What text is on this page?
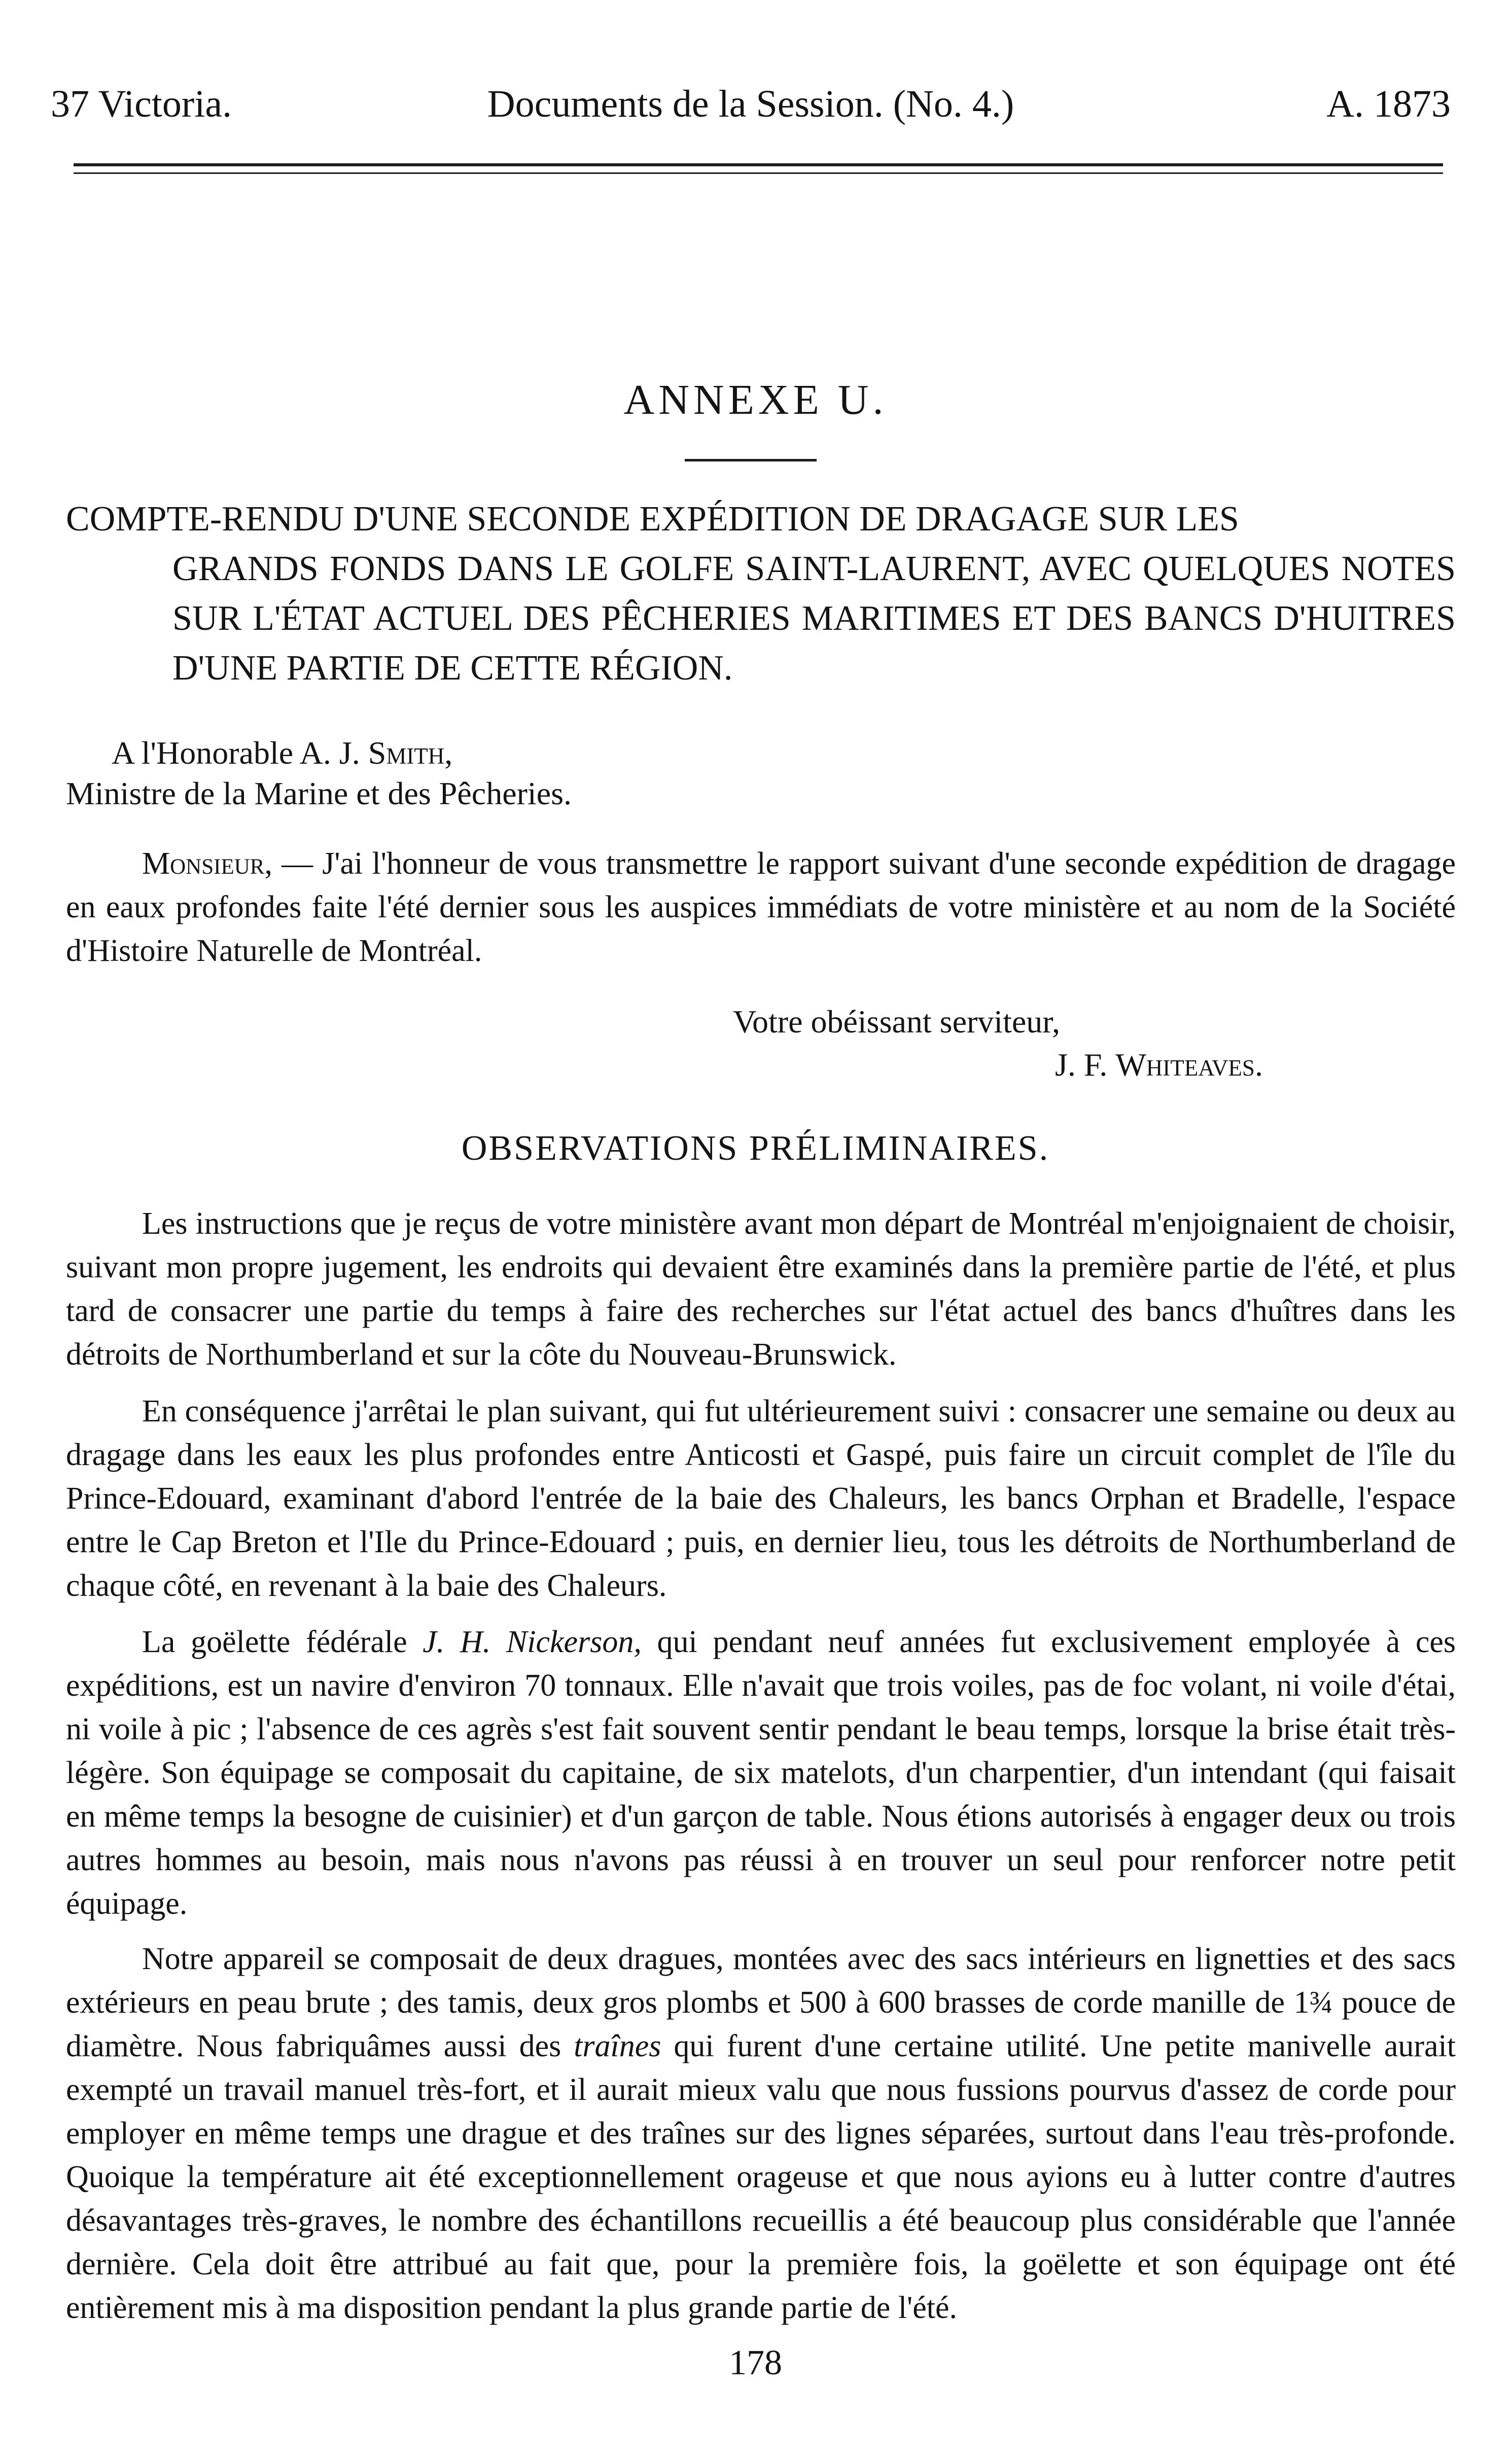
37 Victoria.	Documents de la Session. (No. 4.)	A. 1873
ANNEXE U.
COMPTE-RENDU D'UNE SECONDE EXPÉDITION DE DRAGAGE SUR LES
GRANDS FONDS DANS LE GOLFE SAINT-LAURENT, AVEC QUELQUES NOTES SUR L'ÉTAT ACTUEL DES PÊCHERIES MARITIMES ET DES BANCS D'HUITRES D'UNE PARTIE DE CETTE RÉGION.
A l'Honorable A. J. Smith,
Ministre de la Marine et des Pêcheries.
Monsieur, — J'ai l'honneur de vous transmettre le rapport suivant d'une seconde expédition de dragage en eaux profondes faite l'été dernier sous les auspices immédiats de votre ministère et au nom de la Société d'Histoire Naturelle de Montréal.
Votre obéissant serviteur,
J. F. Whiteaves.
OBSERVATIONS PRÉLIMINAIRES.
Les instructions que je reçus de votre ministère avant mon départ de Montréal m'enjoignaient de choisir, suivant mon propre jugement, les endroits qui devaient être examinés dans la première partie de l'été, et plus tard de consacrer une partie du temps à faire des recherches sur l'état actuel des bancs d'huîtres dans les détroits de Northumberland et sur la côte du Nouveau-Brunswick.
En conséquence j'arrêtai le plan suivant, qui fut ultérieurement suivi : consacrer une semaine ou deux au dragage dans les eaux les plus profondes entre Anticosti et Gaspé, puis faire un circuit complet de l'île du Prince-Edouard, examinant d'abord l'entrée de la baie des Chaleurs, les bancs Orphan et Bradelle, l'espace entre le Cap Breton et l'Ile du Prince-Edouard ; puis, en dernier lieu, tous les détroits de Northumberland de chaque côté, en revenant à la baie des Chaleurs.
La goëlette fédérale J. H. Nickerson, qui pendant neuf années fut exclusivement employée à ces expéditions, est un navire d'environ 70 tonnaux. Elle n'avait que trois voiles, pas de foc volant, ni voile d'étai, ni voile à pic ; l'absence de ces agrès s'est fait souvent sentir pendant le beau temps, lorsque la brise était très-légère. Son équipage se composait du capitaine, de six matelots, d'un charpentier, d'un intendant (qui faisait en même temps la besogne de cuisinier) et d'un garçon de table. Nous étions autorisés à engager deux ou trois autres hommes au besoin, mais nous n'avons pas réussi à en trouver un seul pour renforcer notre petit équipage.
Notre appareil se composait de deux dragues, montées avec des sacs intérieurs en lignetties et des sacs extérieurs en peau brute ; des tamis, deux gros plombs et 500 à 600 brasses de corde manille de 1¾ pouce de diamètre. Nous fabriquâmes aussi des traînes qui furent d'une certaine utilité. Une petite manivelle aurait exempté un travail manuel très-fort, et il aurait mieux valu que nous fussions pourvus d'assez de corde pour employer en même temps une drague et des traînes sur des lignes séparées, surtout dans l'eau très-profonde. Quoique la température ait été exceptionnellement orageuse et que nous ayions eu à lutter contre d'autres désavantages très-graves, le nombre des échantillons recueillis a été beaucoup plus considérable que l'année dernière. Cela doit être attribué au fait que, pour la première fois, la goëlette et son équipage ont été entièrement mis à ma disposition pendant la plus grande partie de l'été.
178
